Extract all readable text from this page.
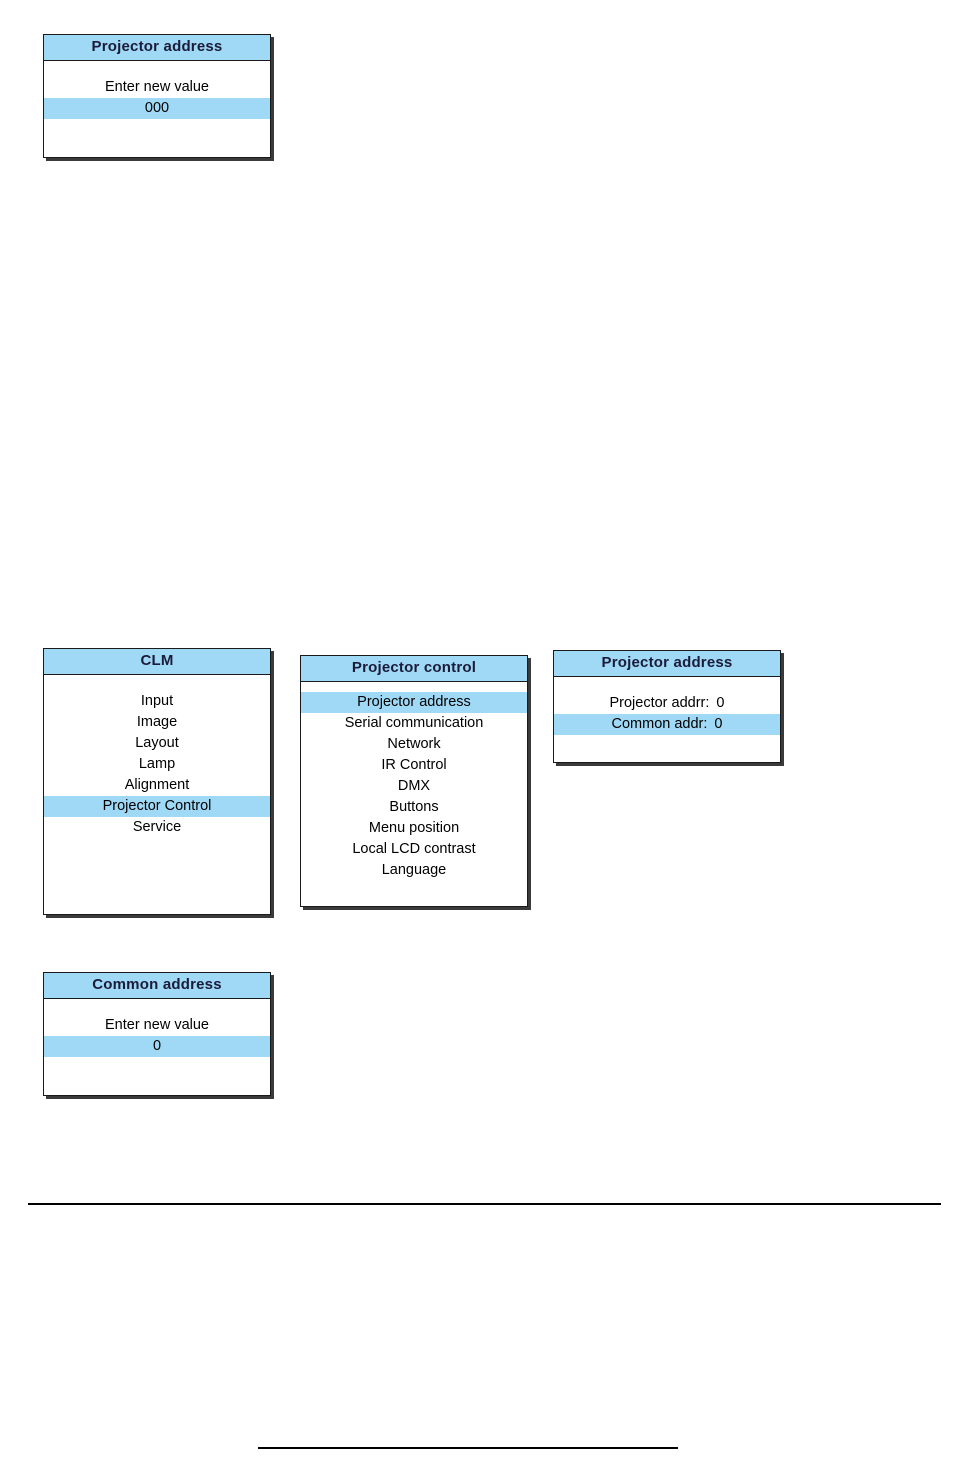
Projector address
Enter new value
000
CLM
Input
Image
Layout
Lamp
Alignment
Projector Control
Service
Projector control
Projector address
Serial communication
Network
IR Control
DMX
Buttons
Menu position
Local LCD contrast
Language
Projector address
Projector addrr: 0
Common addr: 0
Common address
Enter new value
0
